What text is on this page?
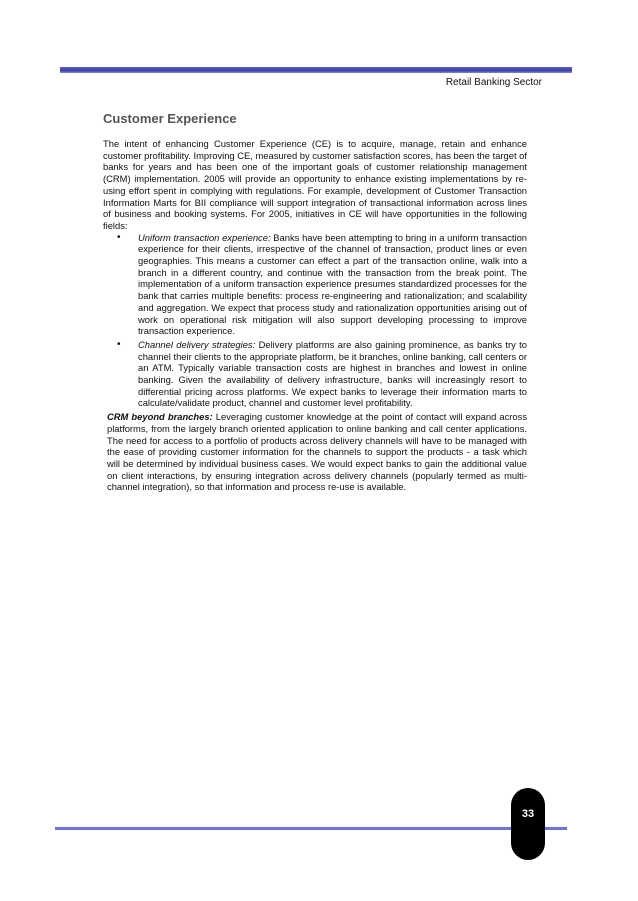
Retail Banking Sector
Customer Experience

The intent of enhancing Customer Experience (CE) is to acquire, manage, retain and enhance customer profitability. Improving CE, measured by customer satisfaction scores, has been the target of banks for years and has been one of the important goals of customer relationship management (CRM) implementation. 2005 will provide an opportunity to enhance existing implementations by re-using effort spent in complying with regulations. For example, development of Customer Transaction Information Marts for BII compliance will support integration of transactional information across lines of business and booking systems. For 2005, initiatives in CE will have opportunities in the following fields:

• Uniform transaction experience: Banks have been attempting to bring in a uniform transaction experience for their clients, irrespective of the channel of transaction, product lines or even geographies. This means a customer can effect a part of the transaction online, walk into a branch in a different country, and continue with the transaction from the break point. The implementation of a uniform transaction experience presumes standardized processes for the bank that carries multiple benefits: process re-engineering and rationalization; and scalability and aggregation. We expect that process study and rationalization opportunities arising out of work on operational risk mitigation will also support developing processing to improve transaction experience.
• Channel delivery strategies: Delivery platforms are also gaining prominence, as banks try to channel their clients to the appropriate platform, be it branches, online banking, call centers or an ATM. Typically variable transaction costs are highest in branches and lowest in online banking. Given the availability of delivery infrastructure, banks will increasingly resort to differential pricing across platforms. We expect banks to leverage their information marts to calculate/validate product, channel and customer level profitability.

CRM beyond branches: Leveraging customer knowledge at the point of contact will expand across platforms, from the largely branch oriented application to online banking and call center applications. The need for access to a portfolio of products across delivery channels will have to be managed with the ease of providing customer information for the channels to support the products - a task which will be determined by individual business cases. We would expect banks to gain the additional value on client interactions, by ensuring integration across delivery channels (popularly termed as multi-channel integration), so that information and process re-use is available.

33
